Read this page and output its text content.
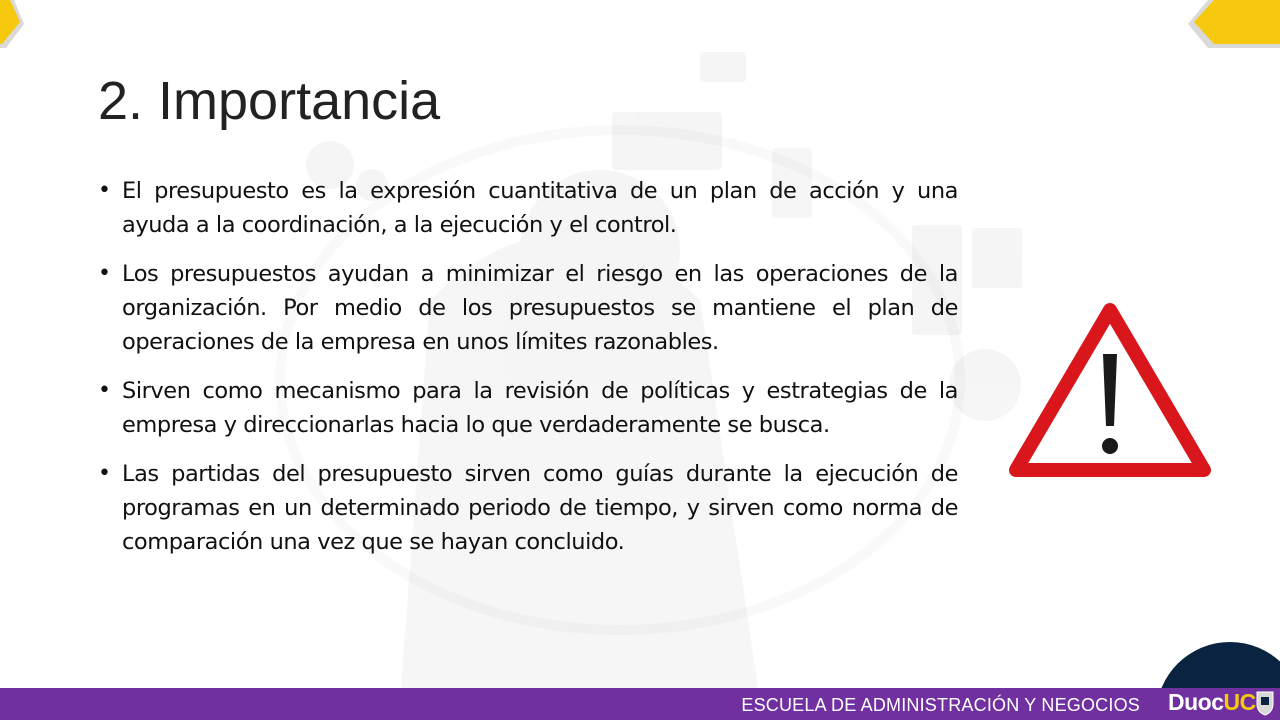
2. Importancia
• El presupuesto es la expresión cuantitativa de un plan de acción y una ayuda a la coordinación, a la ejecución y el control.
• Los presupuestos ayudan a minimizar el riesgo en las operaciones de la organización. Por medio de los presupuestos se mantiene el plan de operaciones de la empresa en unos límites razonables.
• Sirven como mecanismo para la revisión de políticas y estrategias de la empresa y direccionarlas hacia lo que verdaderamente se busca.
• Las partidas del presupuesto sirven como guías durante la ejecución de programas en un determinado periodo de tiempo, y sirven como norma de comparación una vez que se hayan concluido.
ESCUELA DE ADMINISTRACIÓN Y NEGOCIOS DuocUC
